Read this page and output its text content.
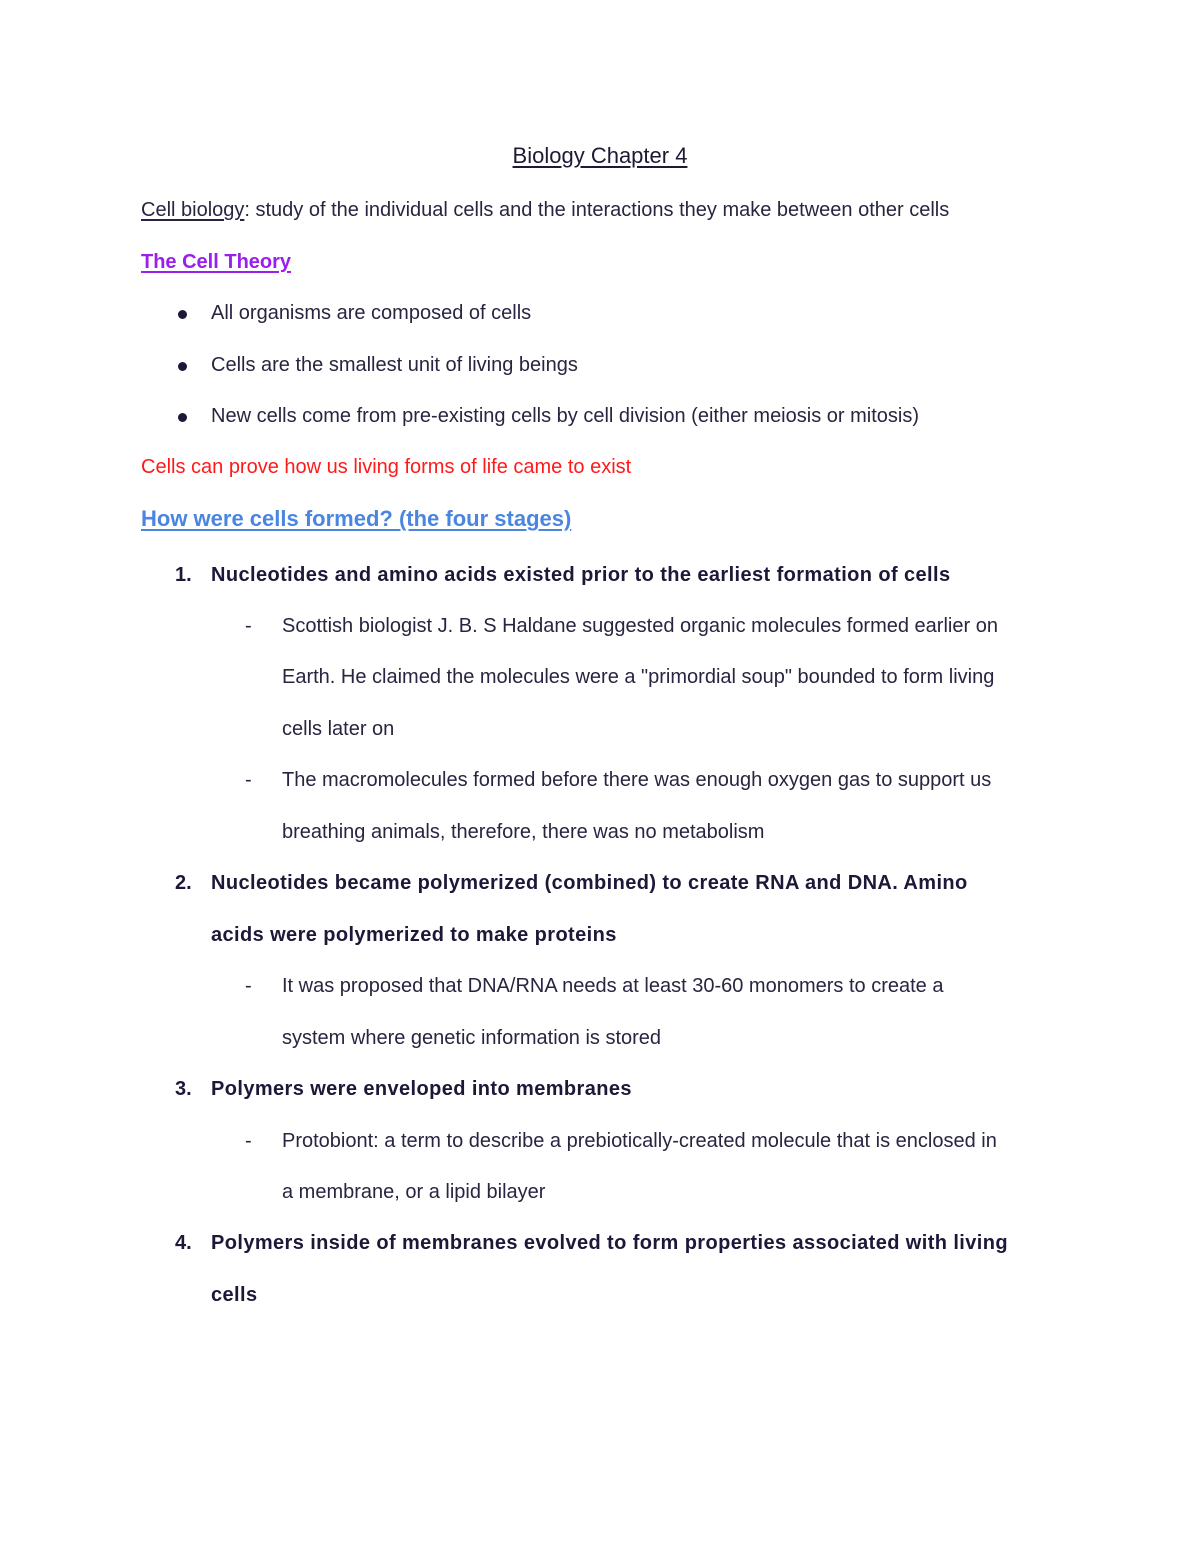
Biology Chapter 4
Cell biology: study of the individual cells and the interactions they make between other cells
The Cell Theory
All organisms are composed of cells
Cells are the smallest unit of living beings
New cells come from pre-existing cells by cell division (either meiosis or mitosis)
Cells can prove how us living forms of life came to exist
How were cells formed? (the four stages)
1. Nucleotides and amino acids existed prior to the earliest formation of cells
- Scottish biologist J. B. S Haldane suggested organic molecules formed earlier on
Earth. He claimed the molecules were a "primordial soup" bounded to form living
cells later on
- The macromolecules formed before there was enough oxygen gas to support us
breathing animals, therefore, there was no metabolism
2. Nucleotides became polymerized (combined) to create RNA and DNA. Amino
acids were polymerized to make proteins
- It was proposed that DNA/RNA needs at least 30-60 monomers to create a
system where genetic information is stored
3. Polymers were enveloped into membranes
- Protobiont: a term to describe a prebiotically-created molecule that is enclosed in
a membrane, or a lipid bilayer
4. Polymers inside of membranes evolved to form properties associated with living
cells
